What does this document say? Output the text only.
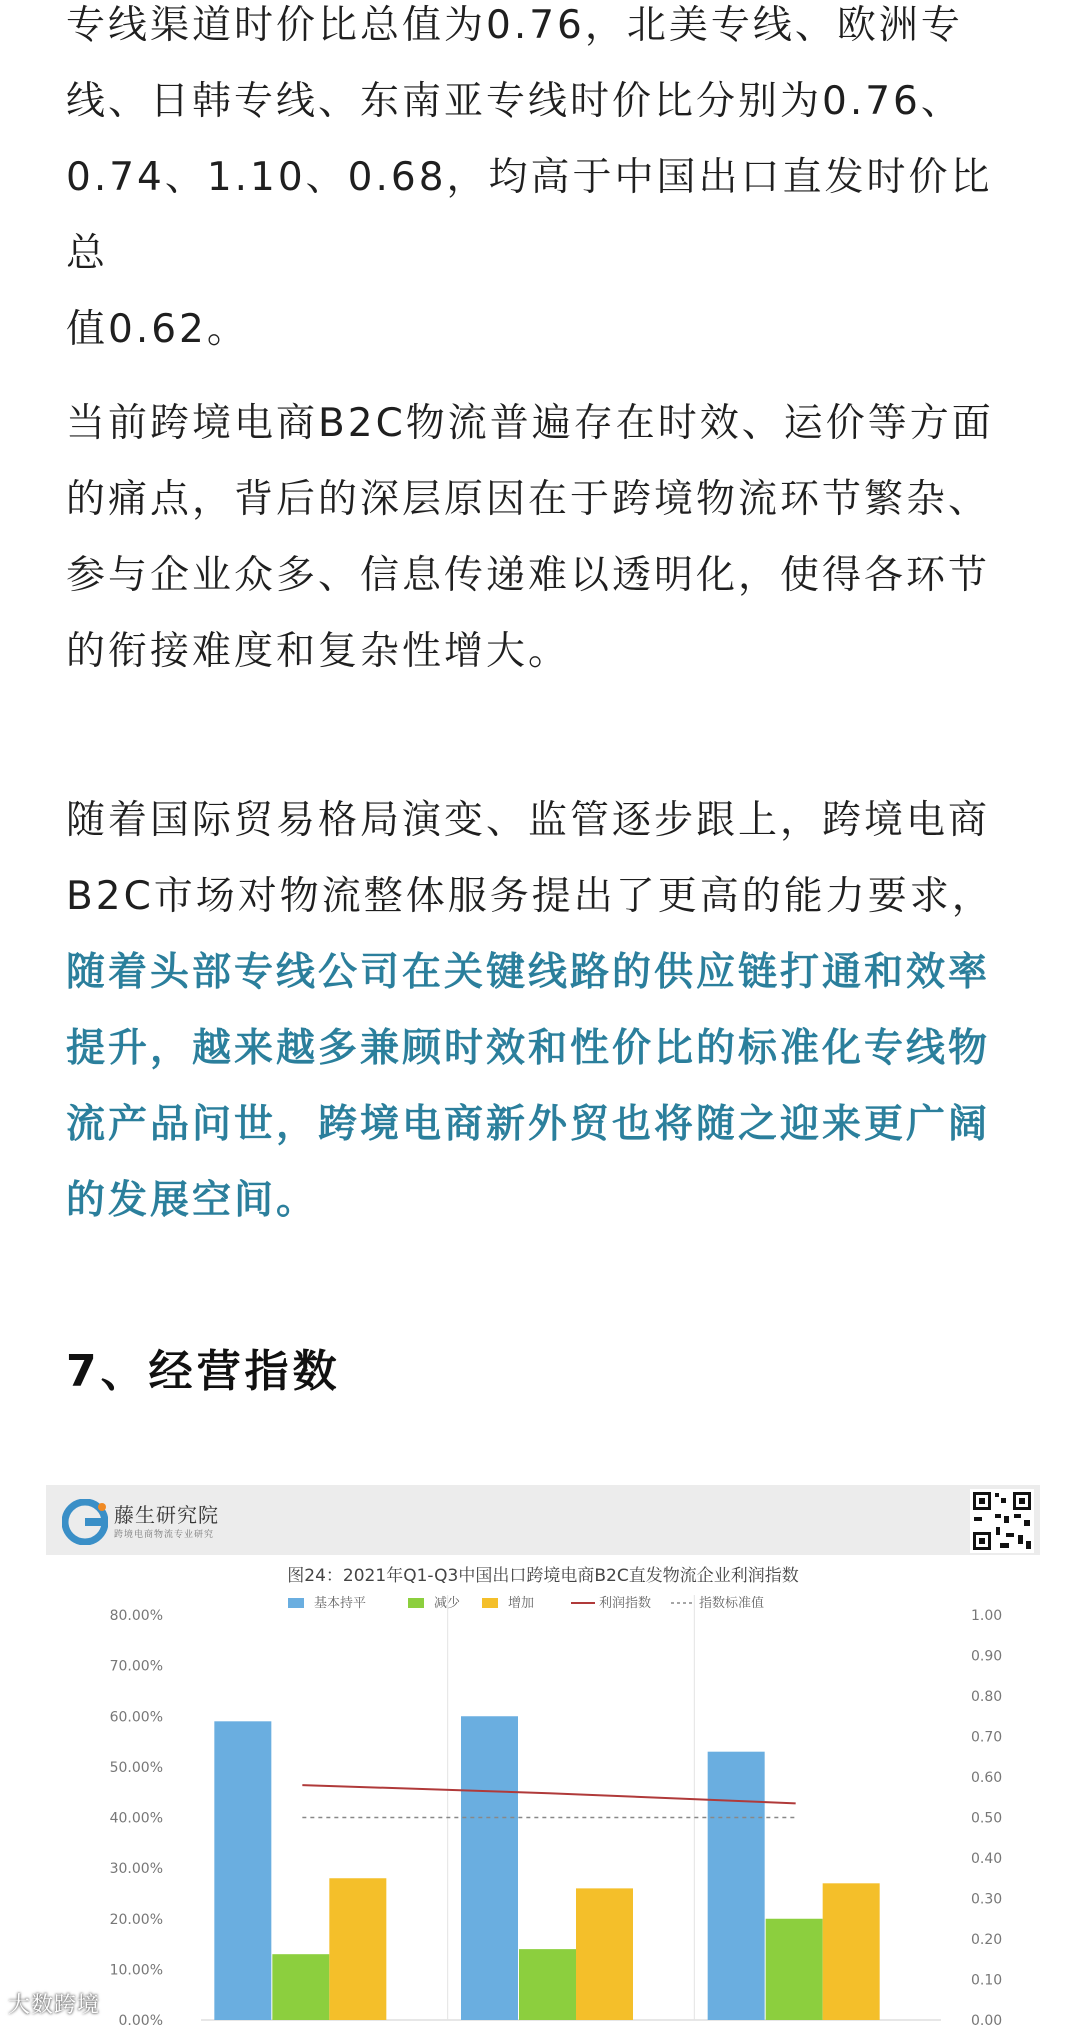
专线渠道时价比总值为0.76，北美专线、欧洲专
线、日韩专线、东南亚专线时价比分别为0.76、
0.74、1.10、0.68，均高于中国出口直发时价比总
值0.62。

当前跨境电商B2C物流普遍存在时效、运价等方面
的痛点，背后的深层原因在于跨境物流环节繁杂、
参与企业众多、信息传递难以透明化，使得各环节
的衔接难度和复杂性增大。

随着国际贸易格局演变、监管逐步跟上，跨境电商
B2C市场对物流整体服务提出了更高的能力要求，
随着头部专线公司在关键线路的供应链打通和效率
提升，越来越多兼顾时效和性价比的标准化专线物
流产品问世，跨境电商新外贸也将随之迎来更广阔
的发展空间。

7、经营指数
藤生研究院
跨境电商物流专业研究
图24：2021年Q1-Q3中国出口跨境电商B2C直发物流企业利润指数
基本持平	减少	增加	利润指数	指数标准值
0.00%
10.00%
20.00%
30.00%
40.00%
50.00%
60.00%
70.00%
80.00%
0.00
0.10
0.20
0.30
0.40
0.50
0.60
0.70
0.80
0.90
1.00
大数跨境
